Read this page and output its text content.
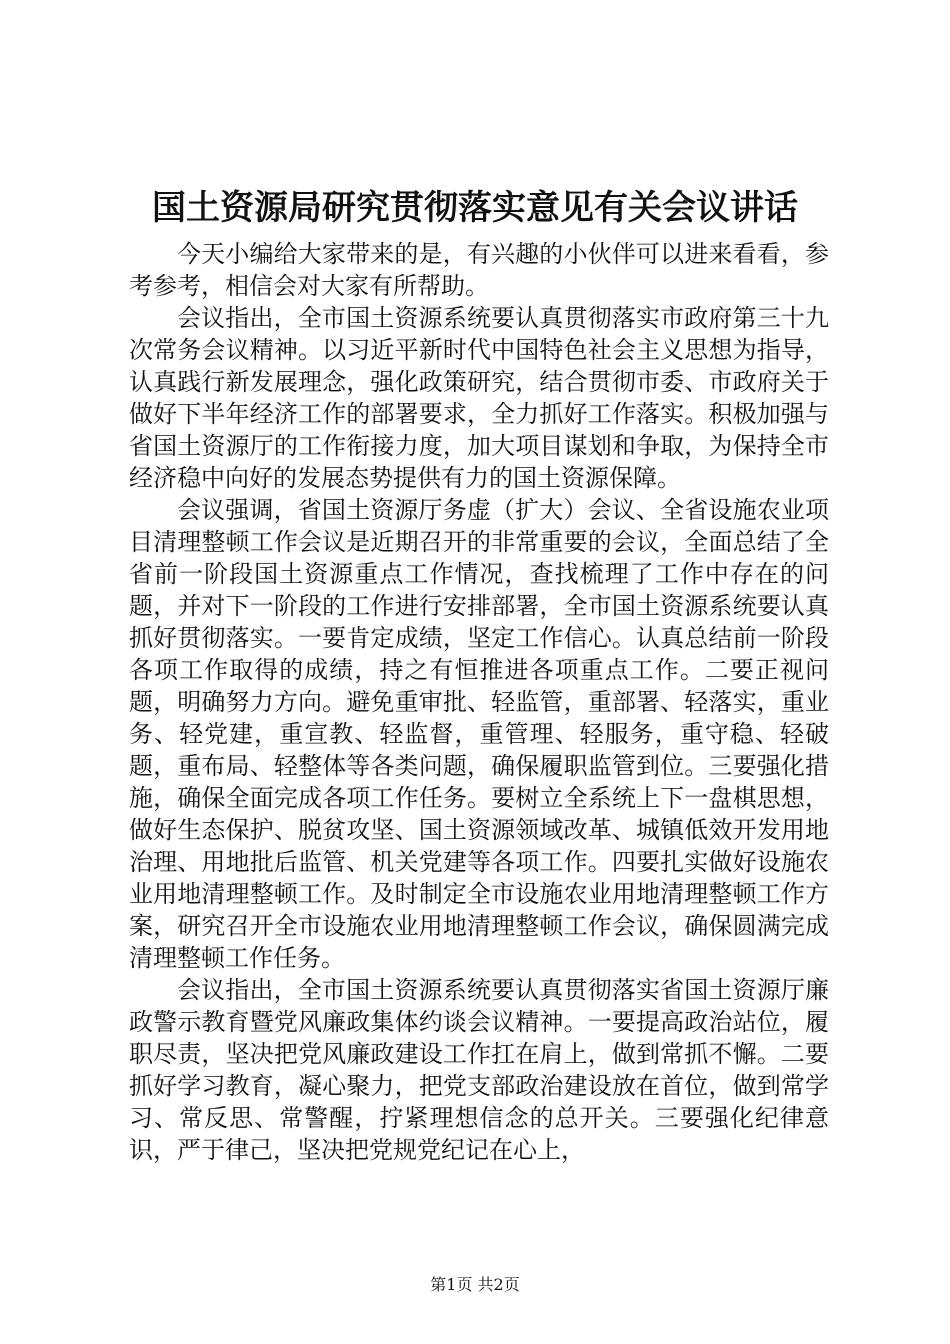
国土资源局研究贯彻落实意见有关会议讲话

今天小编给大家带来的是，有兴趣的小伙伴可以进来看看，参考参考，相信会对大家有所帮助。

会议指出，全市国土资源系统要认真贯彻落实市政府第三十九次常务会议精神。以习近平新时代中国特色社会主义思想为指导，认真践行新发展理念，强化政策研究，结合贯彻市委、市政府关于做好下半年经济工作的部署要求，全力抓好工作落实。积极加强与省国土资源厅的工作衔接力度，加大项目谋划和争取，为保持全市经济稳中向好的发展态势提供有力的国土资源保障。

会议强调，省国土资源厅务虚（扩大）会议、全省设施农业项目清理整顿工作会议是近期召开的非常重要的会议，全面总结了全省前一阶段国土资源重点工作情况，查找梳理了工作中存在的问题，并对下一阶段的工作进行安排部署，全市国土资源系统要认真抓好贯彻落实。一要肯定成绩，坚定工作信心。认真总结前一阶段各项工作取得的成绩，持之有恒推进各项重点工作。二要正视问题，明确努力方向。避免重审批、轻监管，重部署、轻落实，重业务、轻党建，重宣教、轻监督，重管理、轻服务，重守稳、轻破题，重布局、轻整体等各类问题，确保履职监管到位。三要强化措施，确保全面完成各项工作任务。要树立全系统上下一盘棋思想，做好生态保护、脱贫攻坚、国土资源领域改革、城镇低效开发用地治理、用地批后监管、机关党建等各项工作。四要扎实做好设施农业用地清理整顿工作。及时制定全市设施农业用地清理整顿工作方案，研究召开全市设施农业用地清理整顿工作会议，确保圆满完成清理整顿工作任务。

会议指出，全市国土资源系统要认真贯彻落实省国土资源厅廉政警示教育暨党风廉政集体约谈会议精神。一要提高政治站位，履职尽责，坚决把党风廉政建设工作扛在肩上，做到常抓不懈。二要抓好学习教育，凝心聚力，把党支部政治建设放在首位，做到常学习、常反思、常警醒，拧紧理想信念的总开关。三要强化纪律意识，严于律己，坚决把党规党纪记在心上，

第1页 共2页
